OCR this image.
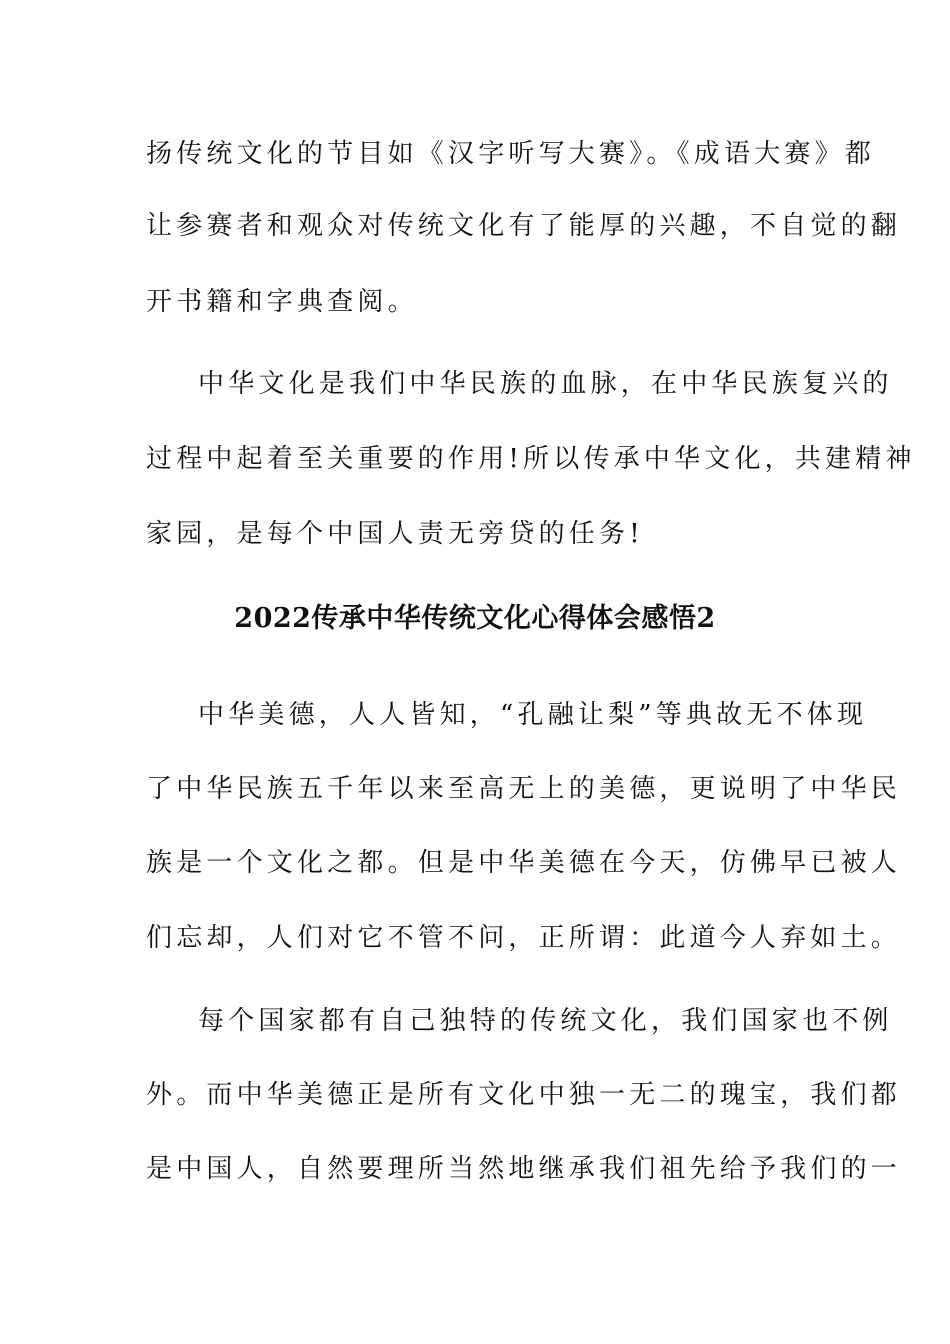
扬传统文化的节目如《汉字听写大赛》。《成语大赛》都
让参赛者和观众对传统文化有了能厚的兴趣，不自觉的翻
开书籍和字典查阅。
中华文化是我们中华民族的血脉，在中华民族复兴的
过程中起着至关重要的作用!所以传承中华文化，共建精神
家园，是每个中国人责无旁贷的任务!
2022传承中华传统文化心得体会感悟2
中华美德，人人皆知，“孔融让梨”等典故无不体现
了中华民族五千年以来至高无上的美德，更说明了中华民
族是一个文化之都。但是中华美德在今天，仿佛早已被人
们忘却，人们对它不管不问，正所谓：此道今人弃如土。
每个国家都有自己独特的传统文化，我们国家也不例
外。而中华美德正是所有文化中独一无二的瑰宝，我们都
是中国人，自然要理所当然地继承我们祖先给予我们的一
